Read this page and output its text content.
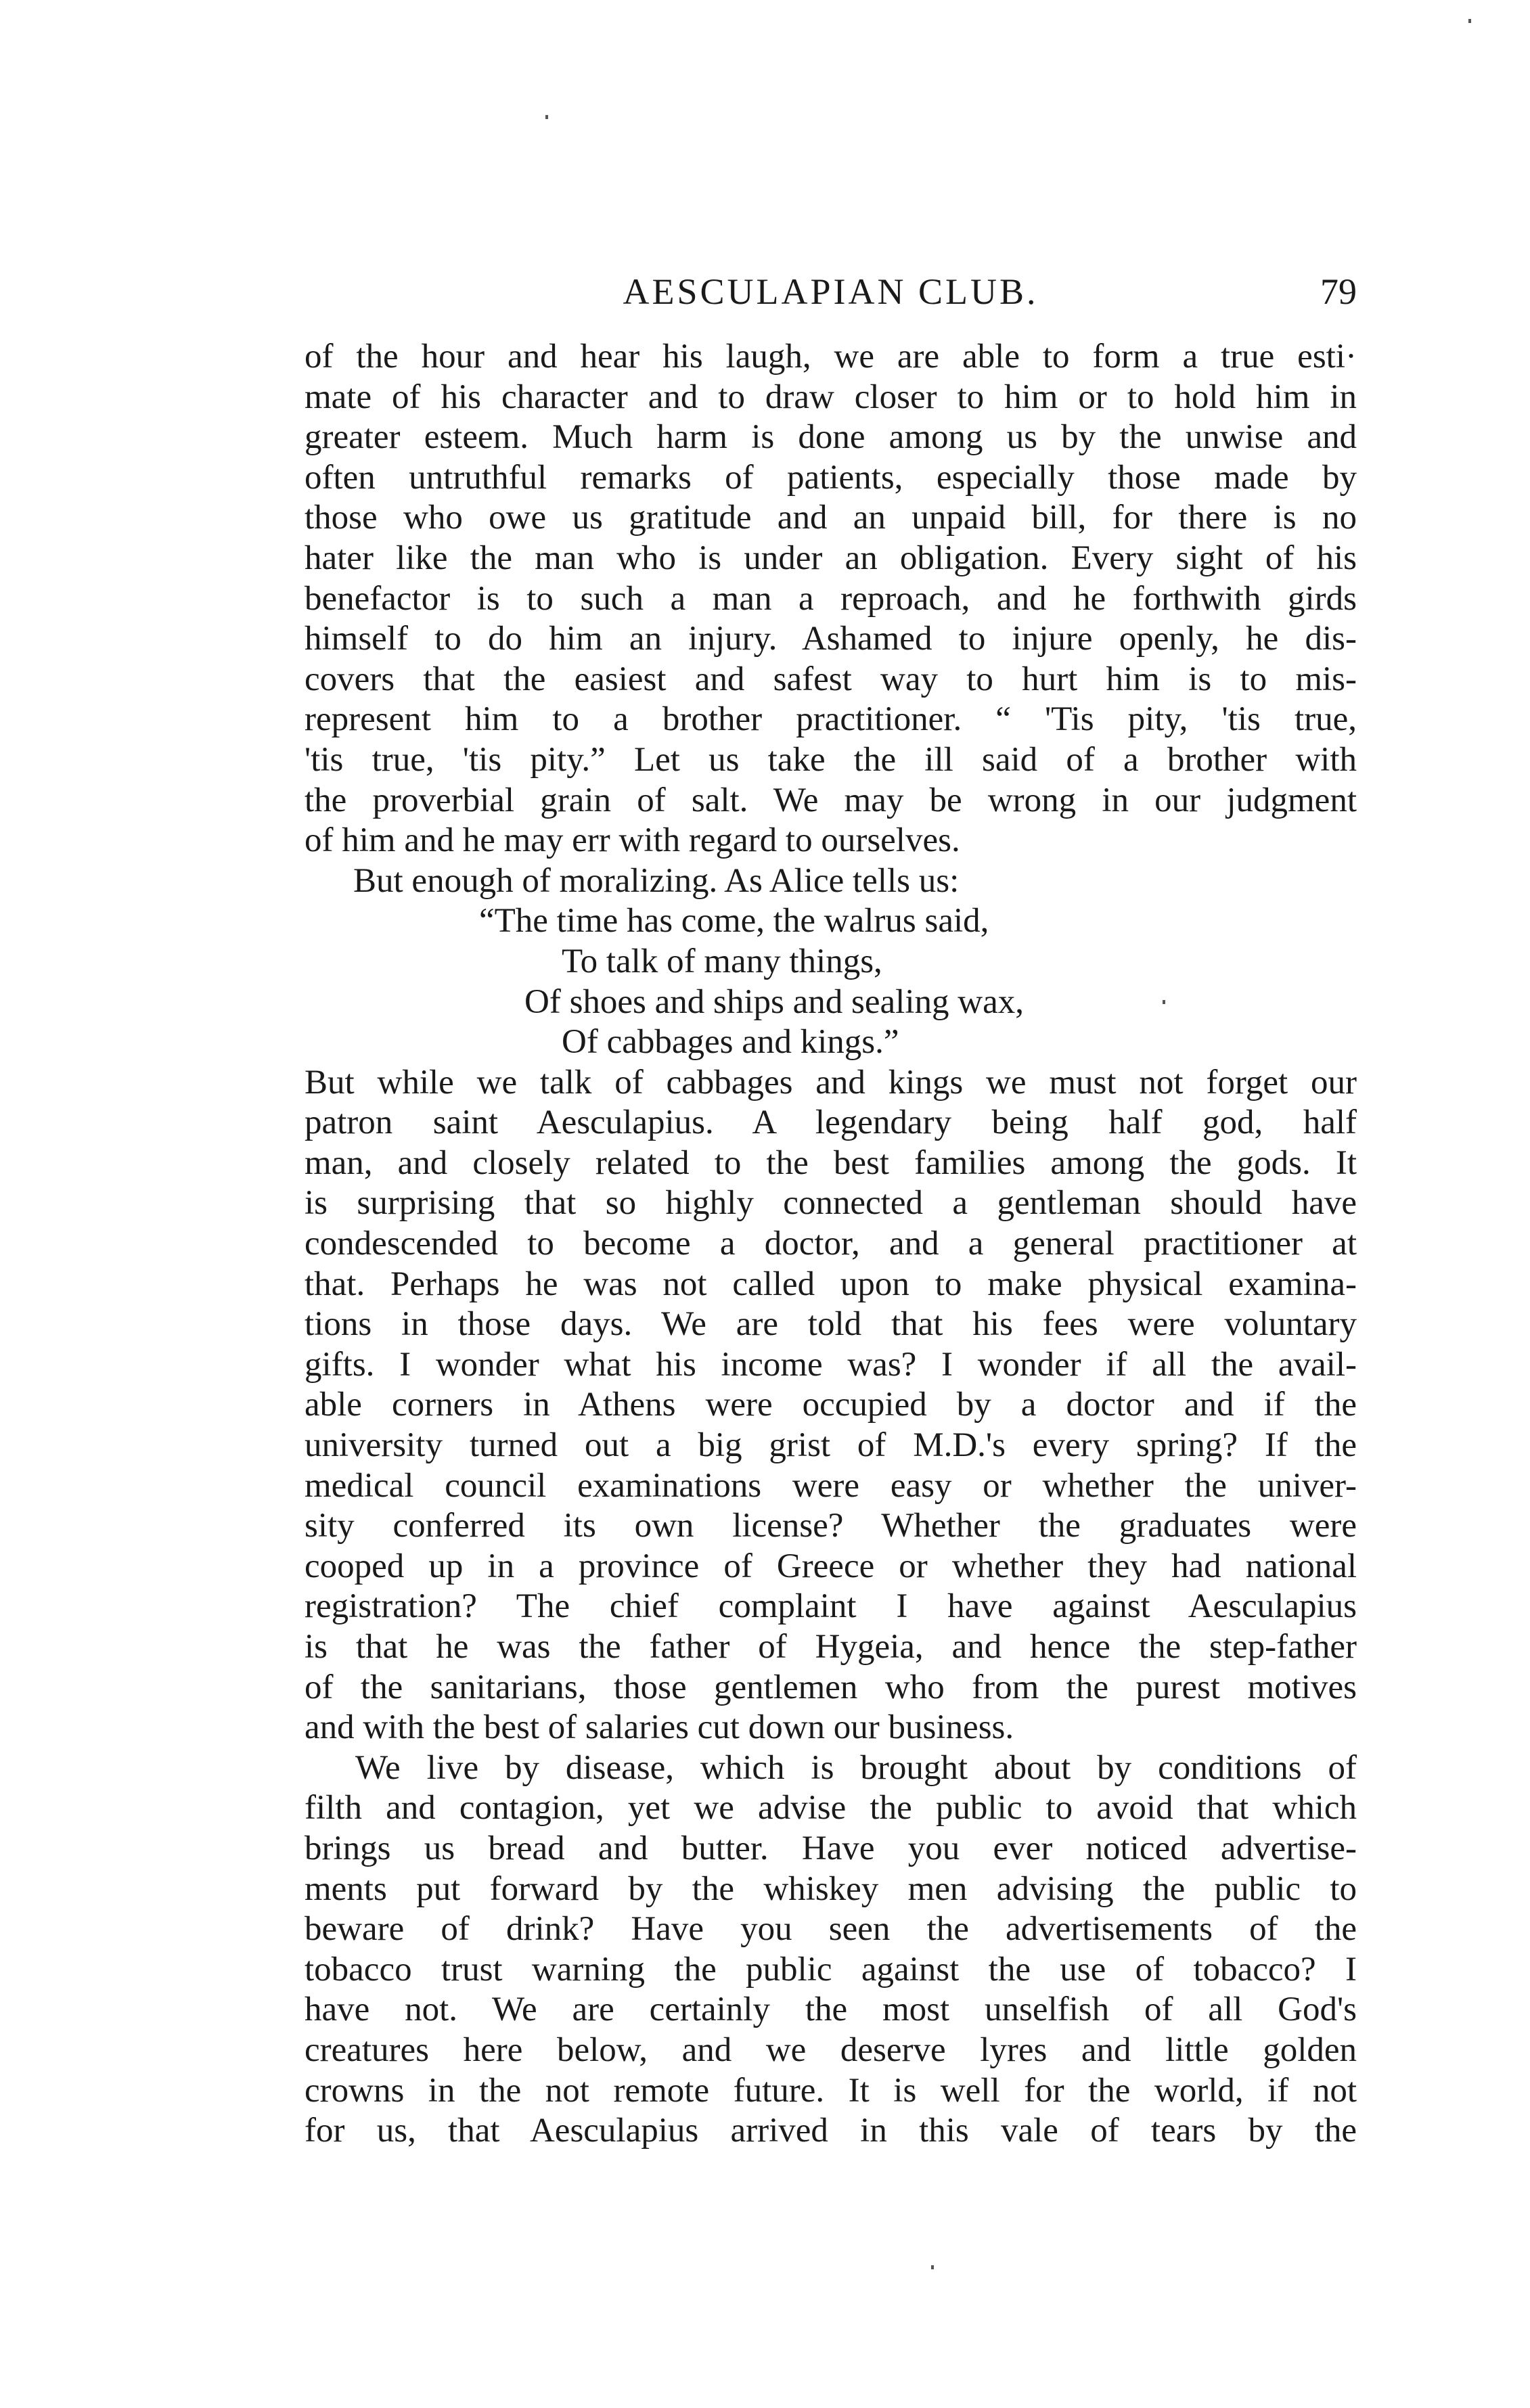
AESCULAPIAN CLUB.	79
of the hour and hear his laugh, we are able to form a true esti·
mate of his character and to draw closer to him or to hold him in
greater esteem. Much harm is done among us by the unwise and
often untruthful remarks of patients, especially those made by
those who owe us gratitude and an unpaid bill, for there is no
hater like the man who is under an obligation. Every sight of his
benefactor is to such a man a reproach, and he forthwith girds
himself to do him an injury. Ashamed to injure openly, he dis-
covers that the easiest and safest way to hurt him is to mis-
represent him to a brother practitioner. “ 'Tis pity, 'tis true,
'tis true, 'tis pity.” Let us take the ill said of a brother with
the proverbial grain of salt. We may be wrong in our judgment
of him and he may err with regard to ourselves.
But enough of moralizing. As Alice tells us:
“The time has come, the walrus said,
To talk of many things,
Of shoes and ships and sealing wax,
Of cabbages and kings.”
But while we talk of cabbages and kings we must not forget our
patron saint Aesculapius. A legendary being half god, half
man, and closely related to the best families among the gods. It
is surprising that so highly connected a gentleman should have
condescended to become a doctor, and a general practitioner at
that. Perhaps he was not called upon to make physical examina-
tions in those days. We are told that his fees were voluntary
gifts. I wonder what his income was? I wonder if all the avail-
able corners in Athens were occupied by a doctor and if the
university turned out a big grist of M.D.'s every spring? If the
medical council examinations were easy or whether the univer-
sity conferred its own license? Whether the graduates were
cooped up in a province of Greece or whether they had national
registration? The chief complaint I have against Aesculapius
is that he was the father of Hygeia, and hence the step-father
of the sanitarians, those gentlemen who from the purest motives
and with the best of salaries cut down our business.
We live by disease, which is brought about by conditions of
filth and contagion, yet we advise the public to avoid that which
brings us bread and butter. Have you ever noticed advertise-
ments put forward by the whiskey men advising the public to
beware of drink? Have you seen the advertisements of the
tobacco trust warning the public against the use of tobacco? I
have not. We are certainly the most unselfish of all God's
creatures here below, and we deserve lyres and little golden
crowns in the not remote future. It is well for the world, if not
for us, that Aesculapius arrived in this vale of tears by the
